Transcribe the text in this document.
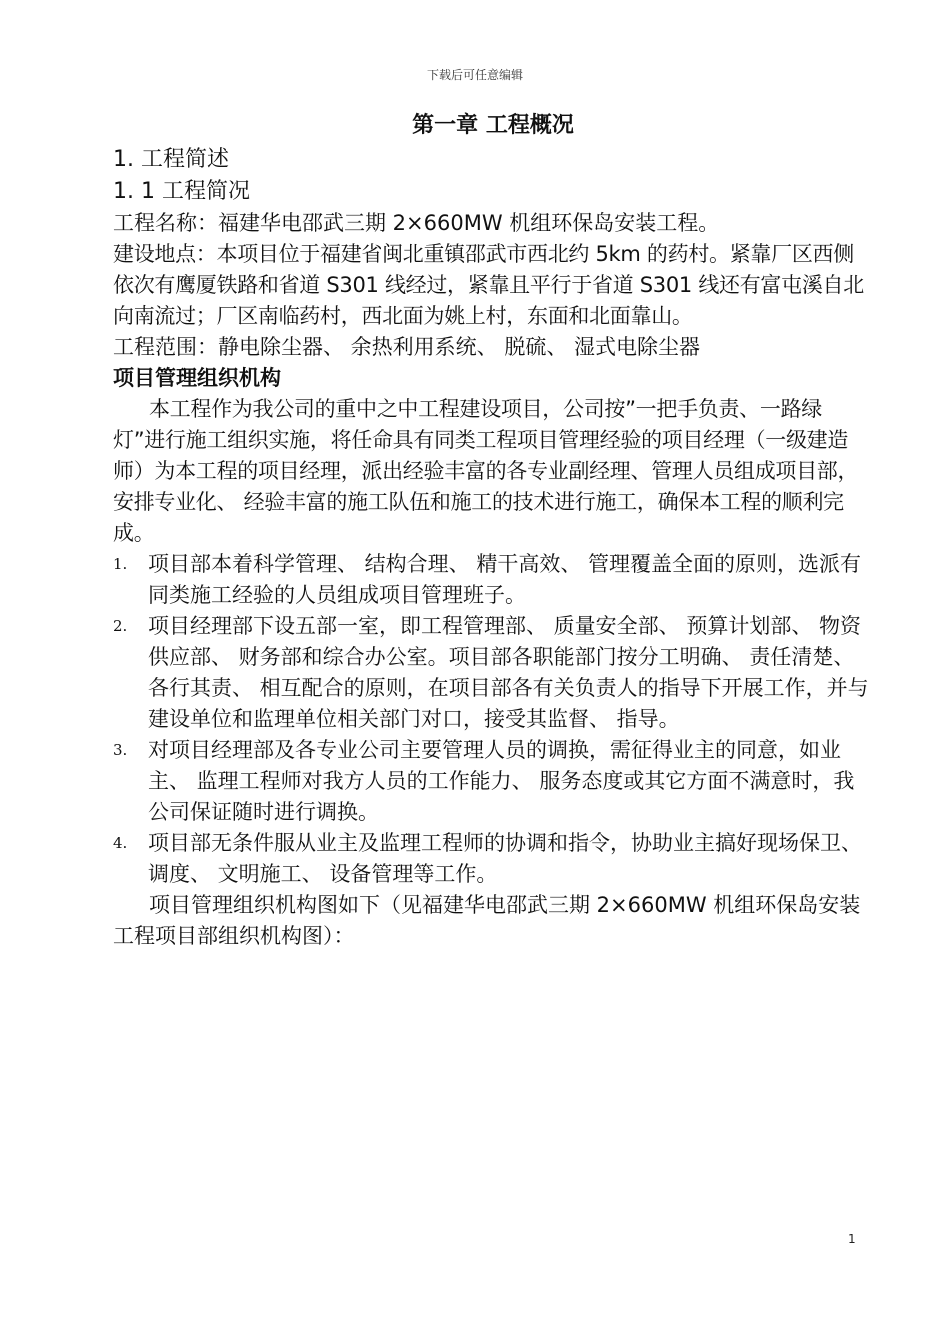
下载后可任意编辑
第一章 工程概况
1. 工程简述
1. 1 工程简况
工程名称：福建华电邵武三期 2×660MW 机组环保岛安装工程。
建设地点：本项目位于福建省闽北重镇邵武市西北约 5km 的药村。紧靠厂区西侧依次有鹰厦铁路和省道 S301 线经过，紧靠且平行于省道 S301 线还有富屯溪自北向南流过；厂区南临药村，西北面为姚上村，东面和北面靠山。
工程范围：静电除尘器、 余热利用系统、 脱硫、 湿式电除尘器
项目管理组织机构
本工程作为我公司的重中之中工程建设项目，公司按”一把手负责、一路绿灯”进行施工组织实施，将任命具有同类工程项目管理经验的项目经理（一级建造师）为本工程的项目经理，派出经验丰富的各专业副经理、管理人员组成项目部，安排专业化、 经验丰富的施工队伍和施工的技术进行施工，确保本工程的顺利完成。
1. 项目部本着科学管理、 结构合理、 精干高效、 管理覆盖全面的原则，选派有同类施工经验的人员组成项目管理班子。
2. 项目经理部下设五部一室，即工程管理部、 质量安全部、 预算计划部、 物资供应部、 财务部和综合办公室。项目部各职能部门按分工明确、 责任清楚、 各行其责、 相互配合的原则，在项目部各有关负责人的指导下开展工作，并与建设单位和监理单位相关部门对口，接受其监督、 指导。
3. 对项目经理部及各专业公司主要管理人员的调换，需征得业主的同意，如业主、 监理工程师对我方人员的工作能力、 服务态度或其它方面不满意时，我公司保证随时进行调换。
4. 项目部无条件服从业主及监理工程师的协调和指令，协助业主搞好现场保卫、 调度、 文明施工、 设备管理等工作。
项目管理组织机构图如下（见福建华电邵武三期 2×660MW 机组环保岛安装工程项目部组织机构图）：
1
